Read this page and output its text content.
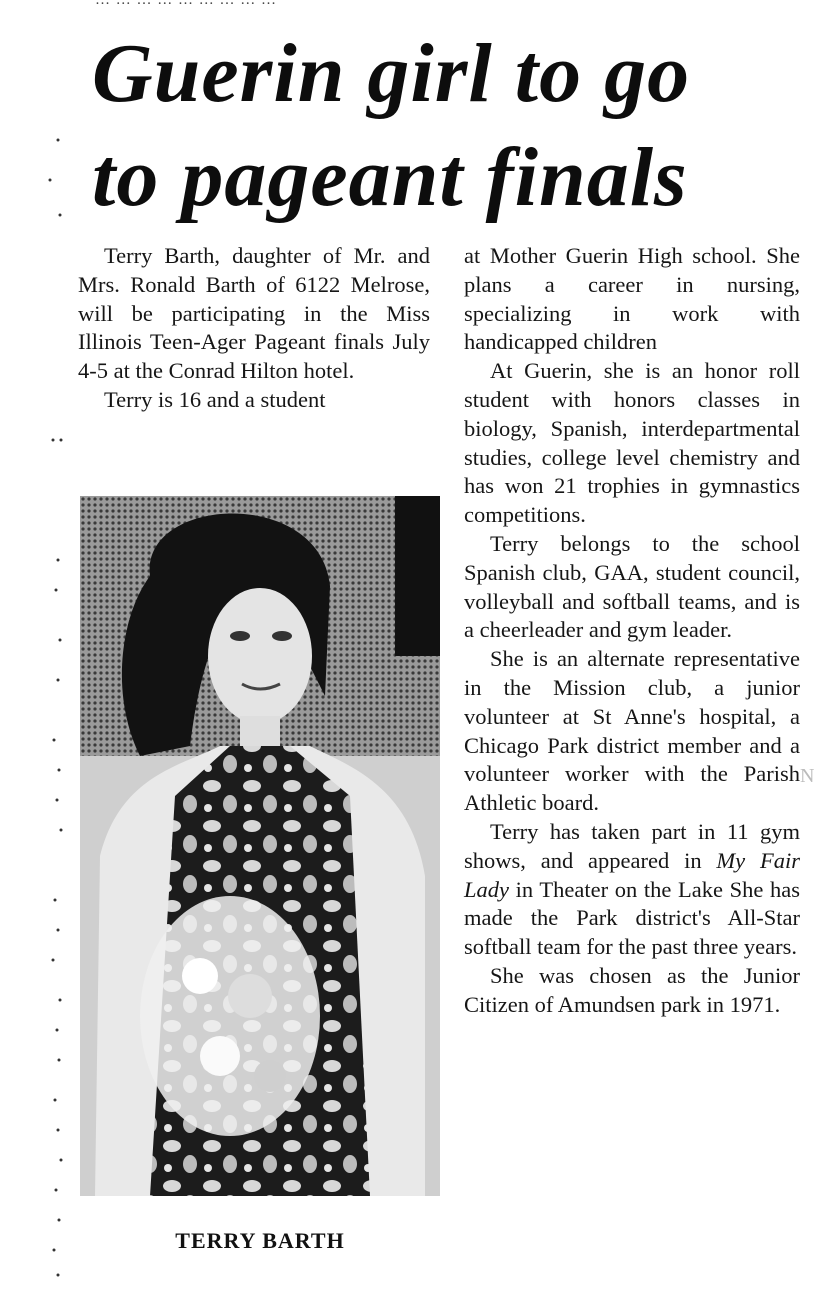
Guerin girl to go
to pageant finals

Terry Barth, daughter of Mr. and Mrs. Ronald Barth of 6122 Melrose, will be participating in the Miss Illinois Teen-Ager Pageant finals July 4-5 at the Conrad Hilton hotel.

Terry is 16 and a student

TERRY BARTH

at Mother Guerin High school. She plans a career in nursing, specializing in work with handicapped children

At Guerin, she is an honor roll student with honors classes in biology, Spanish, interdepartmental studies, college level chemistry and has won 21 trophies in gymnastics competitions.

Terry belongs to the school Spanish club, GAA, student council, volleyball and softball teams, and is a cheerleader and gym leader.

She is an alternate representative in the Mission club, a junior volunteer at St Anne's hospital, a Chicago Park district member and a volunteer worker with the Parish Athletic board.

Terry has taken part in 11 gym shows, and appeared in My Fair Lady in Theater on the Lake She has made the Park district's All-Star softball team for the past three years.

She was chosen as the Junior Citizen of Amundsen park in 1971.

N
